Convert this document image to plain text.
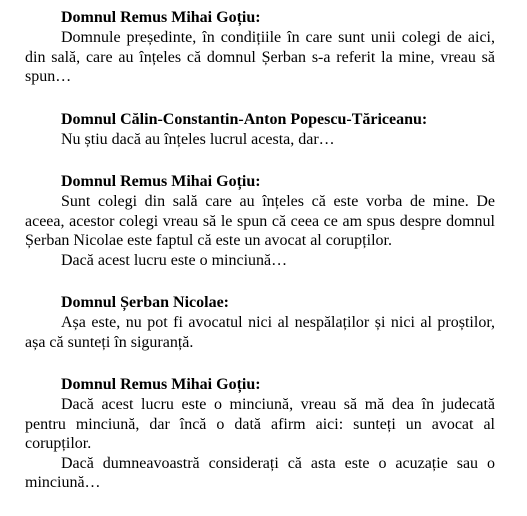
Domnul Remus Mihai Goțiu:

Domnule președinte, în condițiile în care sunt unii colegi de aici, din sală, care au înțeles că domnul Șerban s-a referit la mine, vreau să spun…

Domnul Călin-Constantin-Anton Popescu-Tăriceanu:

Nu știu dacă au înțeles lucrul acesta, dar…

Domnul Remus Mihai Goțiu:

Sunt colegi din sală care au înțeles că este vorba de mine. De aceea, acestor colegi vreau să le spun că ceea ce am spus despre domnul Șerban Nicolae este faptul că este un avocat al corupților.

Dacă acest lucru este o minciună…

Domnul Șerban Nicolae:

Așa este, nu pot fi avocatul nici al nespălaților și nici al proștilor, așa că sunteți în siguranță.

Domnul Remus Mihai Goțiu:

Dacă acest lucru este o minciună, vreau să mă dea în judecată pentru minciună, dar încă o dată afirm aici: sunteți un avocat al corupților.

Dacă dumneavoastră considerați că asta este o acuzație sau o minciună…
